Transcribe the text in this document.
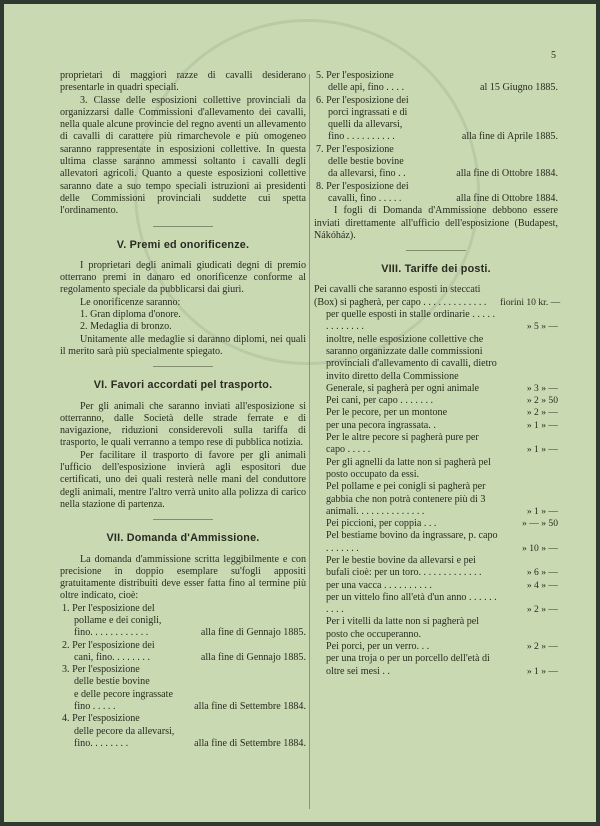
5

proprietari di maggiori razze di cavalli desiderano presentarle in quadri speciali.

3. Classe delle esposizioni collettive provinciali da organizzarsi dalle Commissioni d'allevamento dei cavalli, nella quale alcune provincie del regno aventi un allevamento di cavalli di carattere più rimarchevole e più omogeneo saranno rappresentate in esposizioni collettive. In questa ultima classe saranno ammessi soltanto i cavalli degli allevatori agricoli. Quanto a queste esposizioni collettive saranno date a suo tempo speciali istruzioni ai presidenti delle Commissioni provinciali suddette cui spetta l'ordinamento.

V. Premi ed onorificenze.

I proprietari degli animali giudicati degni di premio otterrano premi in danaro ed onorificenze conforme al regolamento speciale da pubblicarsi dai giurì.

Le onorificenze saranno:

1. Gran diploma d'onore.

2. Medaglia di bronzo.

Unitamente alle medaglie si daranno diplomi, nei quali il merito sarà più specialmente spiegato.

VI. Favori accordati pel trasporto.

Per gli animali che saranno inviati all'esposizione si otterranno, dalle Società delle strade ferrate e di navigazione, riduzioni considerevoli sulla tariffa di trasporto, le quali verranno a tempo rese di pubblica notizia.

Per facilitare il trasporto di favore per gli animali l'ufficio dell'esposizione invierà agli espositori due certificati, uno dei quali resterà nelle mani del conduttore degli animali, mentre l'altro verrà unito alla polizza di carico nella stazione di partenza.

VII. Domanda d'Ammissione.

La domanda d'ammissione scritta leggibilmente e con precisione in doppio esemplare su'fogli appositi gratuitamente distribuiti deve esser fatta fino al termine più oltre indicato, cioè:

1. Per l'esposizione del
pollame e dei conigli,
fino. . . . . . . . . . . .	alla fine di Gennajo 1885.
2. Per l'esposizione dei
cani, fino. . . . . . . .	alla fine di Gennajo 1885.
3. Per l'esposizione
delle bestie bovine
e delle pecore ingrassate fino . . . . .	alla fine di Settembre 1884.
4. Per l'esposizione
delle pecore da allevarsi, fino. . . . . . . .	alla fine di Settembre 1884.
5. Per l'esposizione
delle api, fino . . . .	al 15 Giugno 1885.
6. Per l'esposizione dei
porci ingrassati e di
quelli da allevarsi,
fino . . . . . . . . . .	alla fine di Aprile 1885.
7. Per l'esposizione
delle bestie bovine
da allevarsi, fino . .	alla fine di Ottobre 1884.
8. Per l'esposizione dei
cavalli, fino . . . . .	alla fine di Ottobre 1884.

I fogli di Domanda d'Ammissione debbono essere inviati direttamente all'ufficio dell'esposizione (Budapest, Nákóház).

VIII. Tariffe dei posti.
Pei cavalli che saranno esposti in steccati (Box) si pagherà, per capo . . . . . . . . . . . . .	fiorini 10 kr. —
per quelle esposti in stalle ordinarie . . . . . . . . . . . . .	» 5 » —
inoltre, nelle esposizione collettive che saranno organizzate dalle commissioni provinciali d'allevamento di cavalli, dietro invito diretto della Commissione Generale, si pagherà per ogni animale	» 3 » —
Pei cani, per capo . . . . . . .	» 2 » 50
Per le pecore, per un montone	» 2 » —
per una pecora ingrassata. .	» 1 » —
Per le altre pecore si pagherà pure per capo . . . . .	» 1 » —
Per gli agnelli da latte non si pagherà pel posto occupato da essi.
Pel pollame e pei conigli si pagherà per gabbia che non potrà contenere più di 3 animali. . . . . . . . . . . . . .	» 1 » —
Pei piccioni, per coppia . . .	» — » 50
Pel bestiame bovino da ingrassare, p. capo . . . . . . .	» 10 » —
Per le bestie bovine da allevarsi e pei bufali cioè: per un toro. . . . . . . . . . . . .	» 6 » —
per una vacca . . . . . . . . . .	» 4 » —
per un vittelo fino all'età d'un anno . . . . . . . . . .	» 2 » —
Per i vitelli da latte non si pagherà pel posto che occuperanno.
Pei porci, per un verro. . .	» 2 » —
per una troja o per un porcello dell'età di oltre sei mesi . .	» 1 » —
